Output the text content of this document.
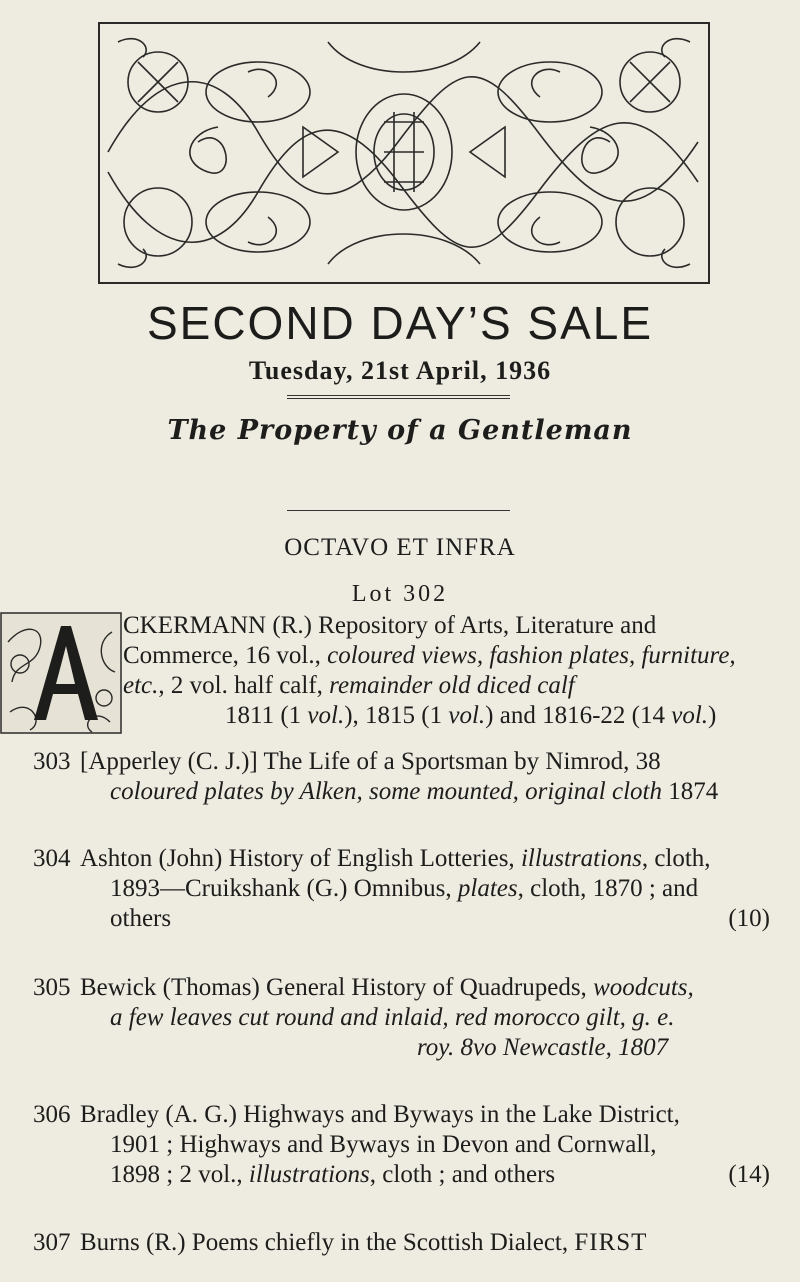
SECOND DAY’S SALE
Tuesday, 21st April, 1936
The Property of a Gentleman
OCTAVO ET INFRA
Lot 302
CKERMANN (R.) Repository of Arts, Literature and
Commerce, 16 vol., coloured views, fashion plates, furniture,
etc., 2 vol. half calf, remainder old diced calf
1811 (1 vol.), 1815 (1 vol.) and 1816-22 (14 vol.)
303 [Apperley (C. J.)] The Life of a Sportsman by Nimrod, 38
coloured plates by Alken, some mounted, original cloth 1874
304 Ashton (John) History of English Lotteries, illustrations, cloth,
1893—Cruikshank (G.) Omnibus, plates, cloth, 1870 ; and
others	(10)
305 Bewick (Thomas) General History of Quadrupeds, woodcuts,
a few leaves cut round and inlaid, red morocco gilt, g. e.
roy. 8vo Newcastle, 1807
306 Bradley (A. G.) Highways and Byways in the Lake District,
1901 ; Highways and Byways in Devon and Cornwall,
1898 ; 2 vol., illustrations, cloth ; and others	(14)
307 Burns (R.) Poems chiefly in the Scottish Dialect, FIRST
